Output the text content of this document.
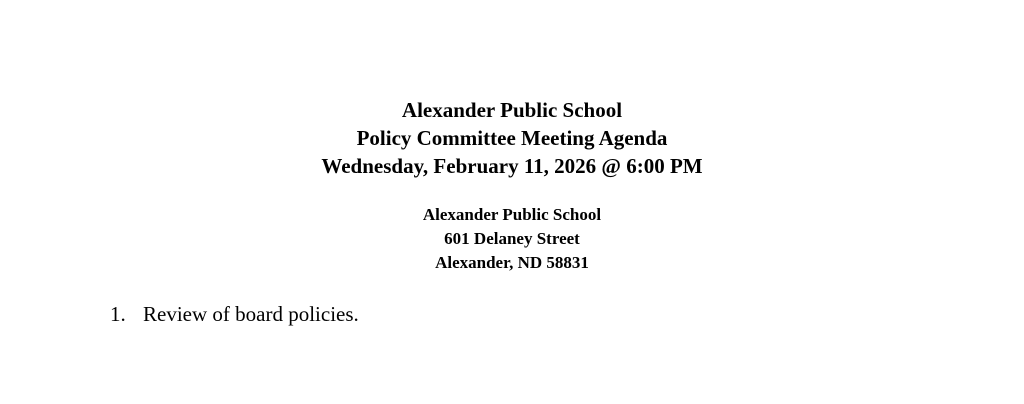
Alexander Public School
Policy Committee Meeting Agenda
Wednesday, February 11, 2026 @ 6:00 PM
Alexander Public School
601 Delaney Street
Alexander, ND 58831
1. Review of board policies.
